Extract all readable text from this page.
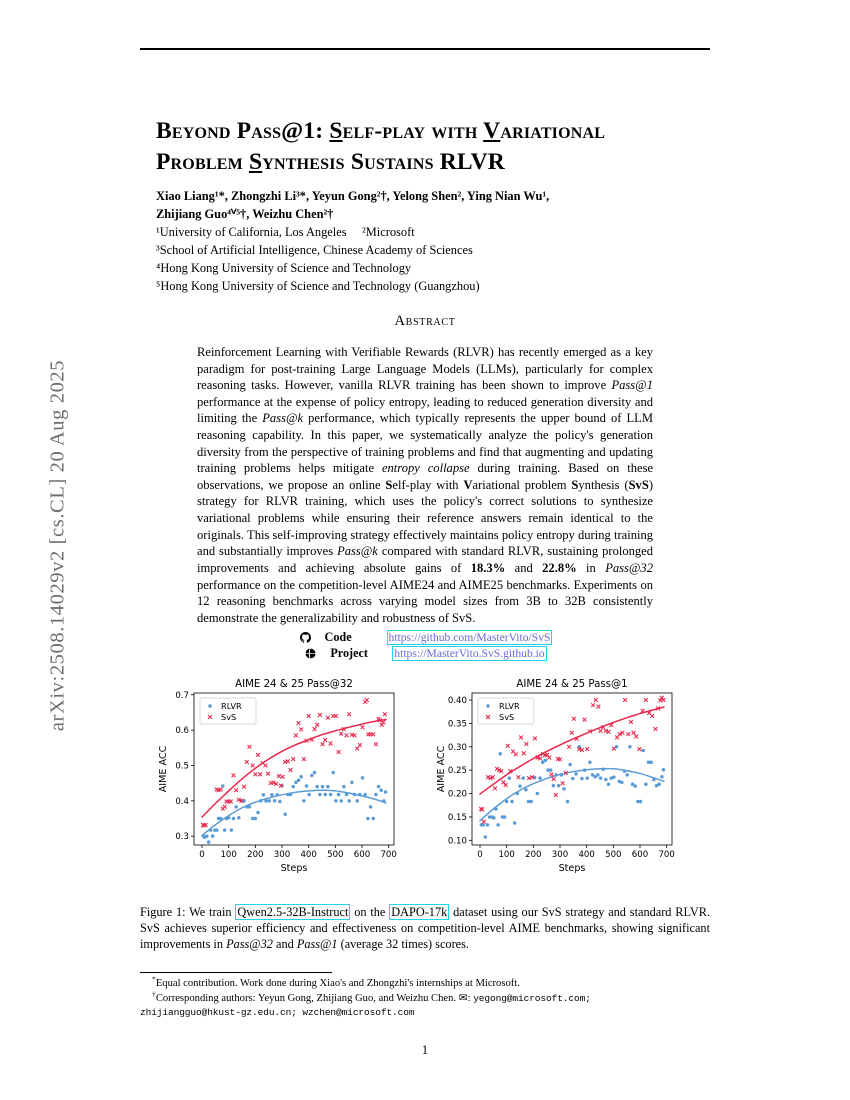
arXiv:2508.14029v2 [cs.CL] 20 Aug 2025
Beyond Pass@1: Self-play with Variational
Problem Synthesis Sustains RLVR
Xiao Liang¹*, Zhongzhi Li³*, Yeyun Gong²†, Yelong Shen², Ying Nian Wu¹,
Zhijiang Guo⁴ⱽ⁵†, Weizhu Chen²†
¹University of California, Los Angeles     ²Microsoft
³School of Artificial Intelligence, Chinese Academy of Sciences
⁴Hong Kong University of Science and Technology
⁵Hong Kong University of Science and Technology (Guangzhou)
Abstract
Reinforcement Learning with Verifiable Rewards (RLVR) has recently emerged as a key paradigm for post-training Large Language Models (LLMs), particularly for complex reasoning tasks. However, vanilla RLVR training has been shown to improve Pass@1 performance at the expense of policy entropy, leading to reduced generation diversity and limiting the Pass@k performance, which typically represents the upper bound of LLM reasoning capability. In this paper, we systematically analyze the policy's generation diversity from the perspective of training problems and find that augmenting and updating training problems helps mitigate entropy collapse during training. Based on these observations, we propose an online Self-play with Variational problem Synthesis (SvS) strategy for RLVR training, which uses the policy's correct solutions to synthesize variational problems while ensuring their reference answers remain identical to the originals. This self-improving strategy effectively maintains policy entropy during training and substantially improves Pass@k compared with standard RLVR, sustaining prolonged improvements and achieving absolute gains of 18.3% and 22.8% in Pass@32 performance on the competition-level AIME24 and AIME25 benchmarks. Experiments on 12 reasoning benchmarks across varying model sizes from 3B to 32B consistently demonstrate the generalizability and robustness of SvS.
Code	https://github.com/MasterVito/SvS
Project	https://MasterVito.SvS.github.io
AIME 24 & 25 Pass@32
0 100 200 300 400 500 600 700
0.3
0.4
0.5
0.6
0.7
Steps
AIME ACC
RLVR
SvS
AIME 24 & 25 Pass@1
0 100 200 300 400 500 600 700
0.10
0.15
0.20
0.25
0.30
0.35
0.40
Steps
AIME ACC
RLVR
SvS
Figure 1: We train Qwen2.5-32B-Instruct on the DAPO-17k dataset using our SvS strategy and standard RLVR. SvS achieves superior efficiency and effectiveness on competition-level AIME benchmarks, showing significant improvements in Pass@32 and Pass@1 (average 32 times) scores.
*Equal contribution. Work done during Xiao's and Zhongzhi's internships at Microsoft.
†Corresponding authors: Yeyun Gong, Zhijiang Guo, and Weizhu Chen. ✉: yegong@microsoft.com;
zhijiangguo@hkust-gz.edu.cn; wzchen@microsoft.com
1
